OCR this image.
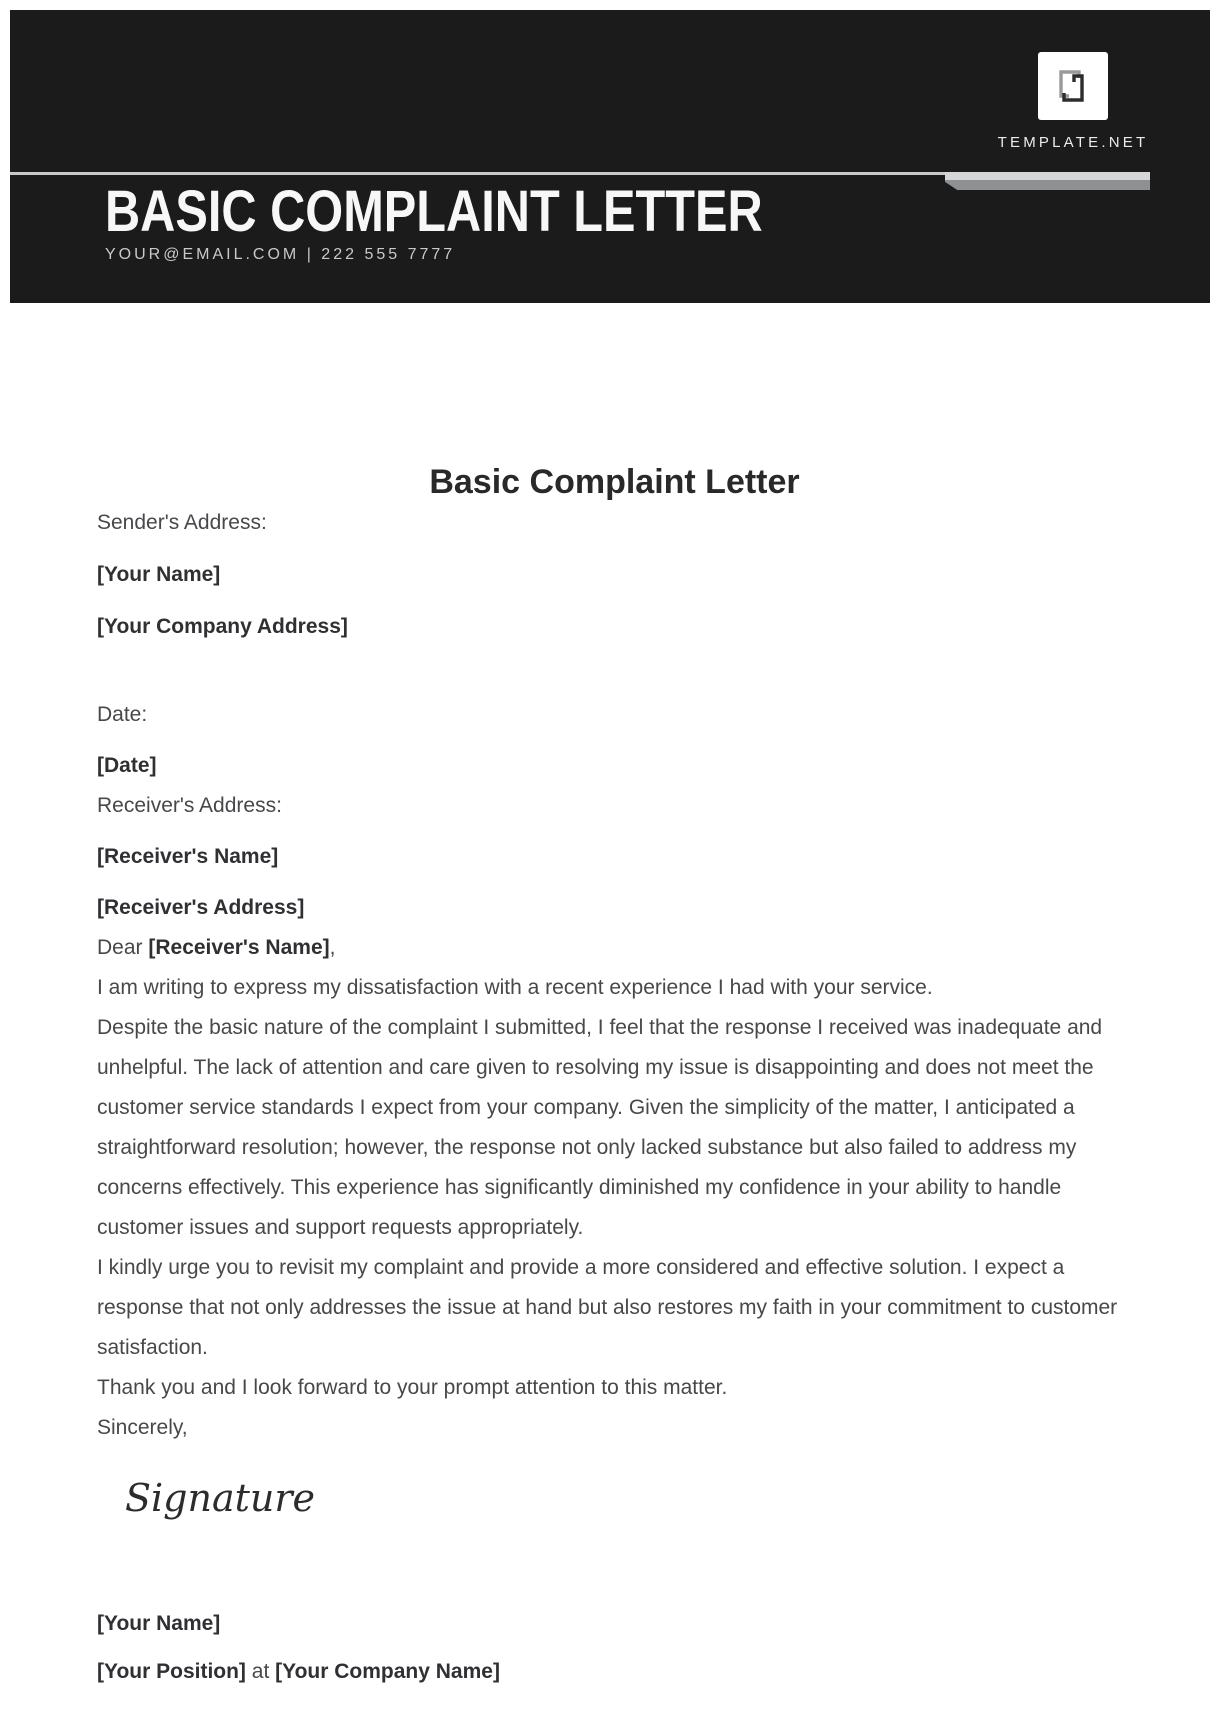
BASIC COMPLAINT LETTER
YOUR@EMAIL.COM | 222 555 7777
TEMPLATE.NET
Basic Complaint Letter

Sender's Address:

[Your Name]

[Your Company Address]

Date:

[Date]

Receiver's Address:

[Receiver's Name]

[Receiver's Address]

Dear [Receiver's Name],

I am writing to express my dissatisfaction with a recent experience I had with your service.

Despite the basic nature of the complaint I submitted, I feel that the response I received was inadequate and unhelpful. The lack of attention and care given to resolving my issue is disappointing and does not meet the customer service standards I expect from your company. Given the simplicity of the matter, I anticipated a straightforward resolution; however, the response not only lacked substance but also failed to address my concerns effectively. This experience has significantly diminished my confidence in your ability to handle customer issues and support requests appropriately.

I kindly urge you to revisit my complaint and provide a more considered and effective solution. I expect a response that not only addresses the issue at hand but also restores my faith in your commitment to customer satisfaction.

Thank you and I look forward to your prompt attention to this matter.

Sincerely,

Signature

[Your Name]

[Your Position] at [Your Company Name]
